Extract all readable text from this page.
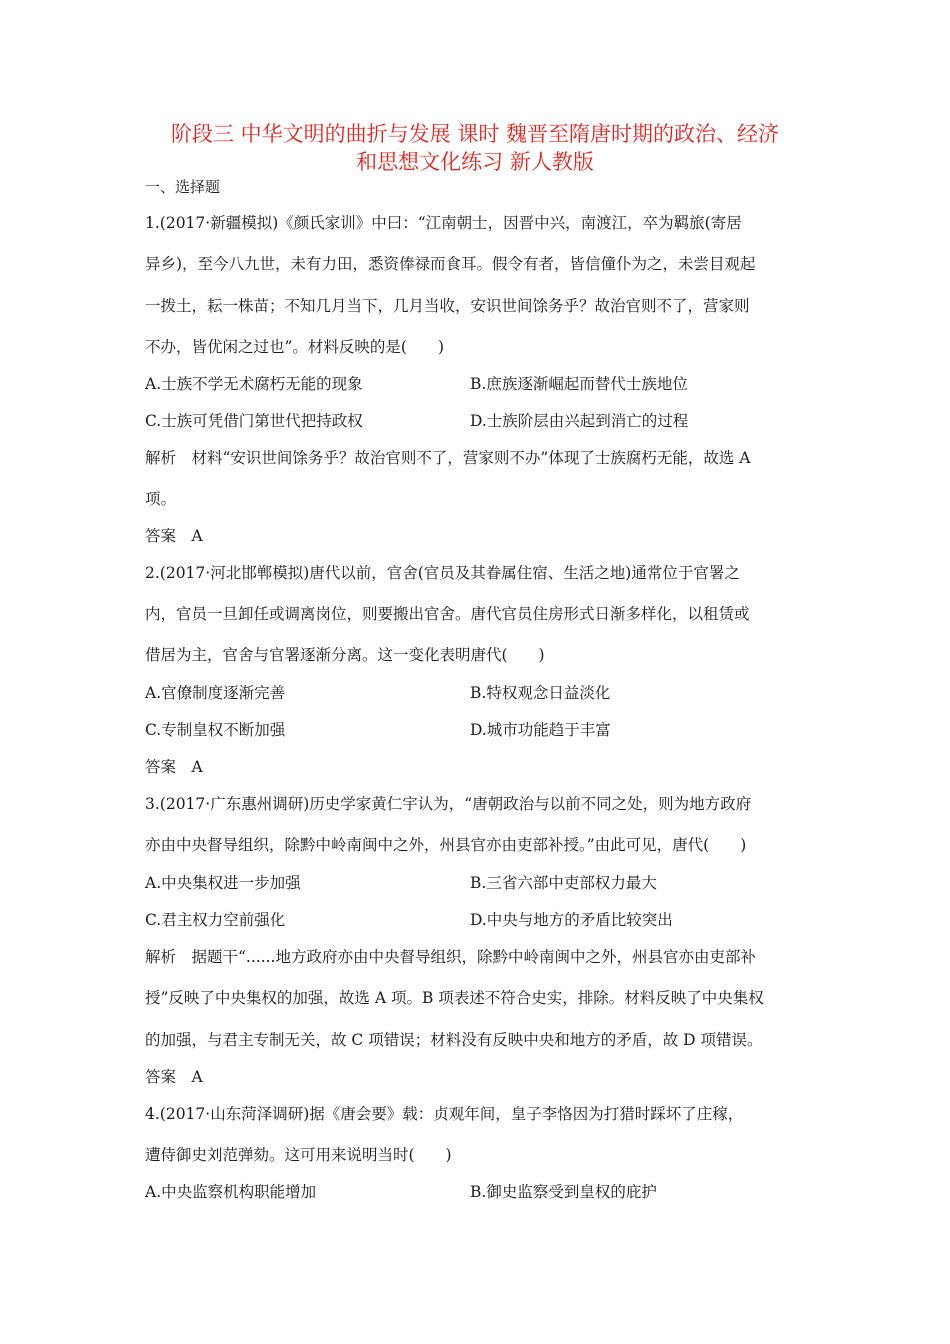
阶段三 中华文明的曲折与发展 课时 魏晋至隋唐时期的政治、经济
和思想文化练习 新人教版
一、选择题
1.(2017·新疆模拟)《颜氏家训》中曰：“江南朝士，因晋中兴，南渡江，卒为羁旅(寄居
异乡)，至今八九世，未有力田，悉资俸禄而食耳。假令有者，皆信僮仆为之，未尝目观起
一拨土，耘一株苗；不知几月当下，几月当收，安识世间馀务乎？故治官则不了，营家则
不办，皆优闲之过也”。材料反映的是(　　)
A.士族不学无术腐朽无能的现象	B.庶族逐渐崛起而替代士族地位
C.士族可凭借门第世代把持政权	D.士族阶层由兴起到消亡的过程
解析　材料“安识世间馀务乎？故治官则不了，营家则不办”体现了士族腐朽无能，故选 A
项。
答案　A
2.(2017·河北邯郸模拟)唐代以前，官舍(官员及其眷属住宿、生活之地)通常位于官署之
内，官员一旦卸任或调离岗位，则要搬出官舍。唐代官员住房形式日渐多样化，以租赁或
借居为主，官舍与官署逐渐分离。这一变化表明唐代(　　)
A.官僚制度逐渐完善	B.特权观念日益淡化
C.专制皇权不断加强	D.城市功能趋于丰富
答案　A
3.(2017·广东惠州调研)历史学家黄仁宇认为，“唐朝政治与以前不同之处，则为地方政府
亦由中央督导组织，除黔中岭南闽中之外，州县官亦由吏部补授。”由此可见，唐代(　　)
A.中央集权进一步加强	B.三省六部中吏部权力最大
C.君主权力空前强化	D.中央与地方的矛盾比较突出
解析　据题干“......地方政府亦由中央督导组织，除黔中岭南闽中之外，州县官亦由吏部补
授”反映了中央集权的加强，故选 A 项。B 项表述不符合史实，排除。材料反映了中央集权
的加强，与君主专制无关，故 C 项错误；材料没有反映中央和地方的矛盾，故 D 项错误。
答案　A
4.(2017·山东菏泽调研)据《唐会要》载：贞观年间，皇子李恪因为打猎时踩坏了庄稼，
遭侍御史刘范弹劾。这可用来说明当时(　　)
A.中央监察机构职能增加	B.御史监察受到皇权的庇护
